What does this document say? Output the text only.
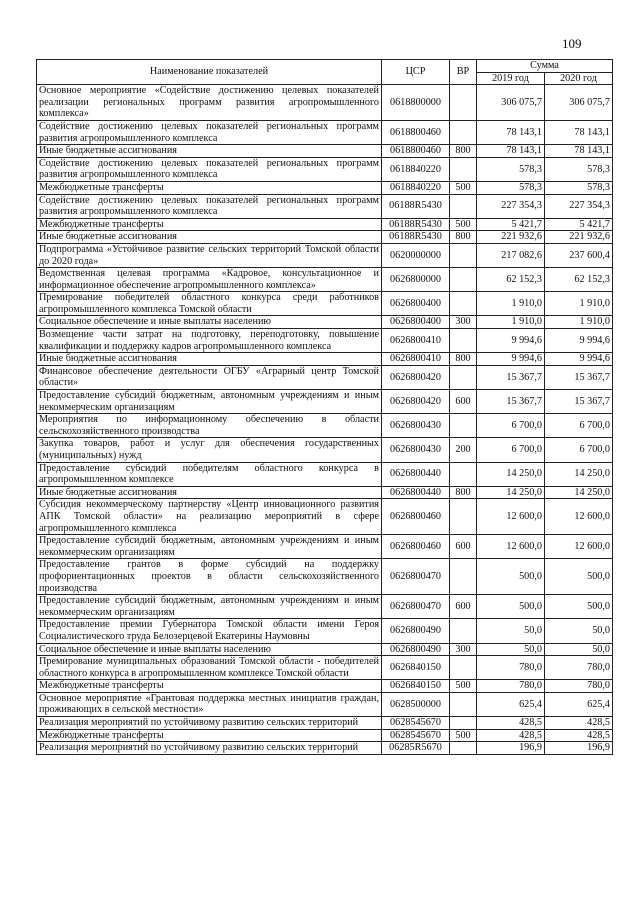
109
Наименование показателей	ЦСР	ВР	Сумма	
			2019 год	2020 год
Основное мероприятие «Содействие достижению целевых показателей реализации региональных программ развития агропромышленного комплекса»	0618800000		306 075,7	306 075,7
Содействие достижению целевых показателей региональных программ развития агропромышленного комплекса	0618800460		78 143,1	78 143,1
Иные бюджетные ассигнования	0618800460	800	78 143,1	78 143,1
Содействие достижению целевых показателей региональных программ развития агропромышленного комплекса	0618840220		578,3	578,3
Межбюджетные трансферты	0618840220	500	578,3	578,3
Содействие достижению целевых показателей региональных программ развития агропромышленного комплекса	06188R5430		227 354,3	227 354,3
Межбюджетные трансферты	06188R5430	500	5 421,7	5 421,7
Иные бюджетные ассигнования	06188R5430	800	221 932,6	221 932,6
Подпрограмма «Устойчивое развитие сельских территорий Томской области до 2020 года»	0620000000		217 082,6	237 600,4
Ведомственная целевая программа «Кадровое, консультационное и информационное обеспечение агропромышленного комплекса»	0626800000		62 152,3	62 152,3
Премирование победителей областного конкурса среди работников агропромышленного комплекса Томской области	0626800400		1 910,0	1 910,0
Социальное обеспечение и иные выплаты населению	0626800400	300	1 910,0	1 910,0
Возмещение части затрат на подготовку, переподготовку, повышение квалификации и поддержку кадров агропромышленного комплекса	0626800410		9 994,6	9 994,6
Иные бюджетные ассигнования	0626800410	800	9 994,6	9 994,6
Финансовое обеспечение деятельности ОГБУ «Аграрный центр Томской области»	0626800420		15 367,7	15 367,7
Предоставление субсидий бюджетным, автономным учреждениям и иным некоммерческим организациям	0626800420	600	15 367,7	15 367,7
Мероприятия по информационному обеспечению в области сельскохозяйственного производства	0626800430		6 700,0	6 700,0
Закупка товаров, работ и услуг для обеспечения государственных (муниципальных) нужд	0626800430	200	6 700,0	6 700,0
Предоставление субсидий победителям областного конкурса в агропромышленном комплексе	0626800440		14 250,0	14 250,0
Иные бюджетные ассигнования	0626800440	800	14 250,0	14 250,0
Субсидия некоммерческому партнерству «Центр инновационного развития АПК Томской области» на реализацию мероприятий в сфере агропромышленного комплекса	0626800460		12 600,0	12 600,0
Предоставление субсидий бюджетным, автономным учреждениям и иным некоммерческим организациям	0626800460	600	12 600,0	12 600,0
Предоставление грантов в форме субсидий на поддержку профориентационных проектов в области сельскохозяйственного производства	0626800470		500,0	500,0
Предоставление субсидий бюджетным, автономным учреждениям и иным некоммерческим организациям	0626800470	600	500,0	500,0
Предоставление премии Губернатора Томской области имени Героя Социалистического труда Белозерцевой Екатерины Наумовны	0626800490		50,0	50,0
Социальное обеспечение и иные выплаты населению	0626800490	300	50,0	50,0
Премирование муниципальных образований Томской области - победителей областного конкурса в агропромышленном комплексе Томской области	0626840150		780,0	780,0
Межбюджетные трансферты	0626840150	500	780,0	780,0
Основное мероприятие «Грантовая поддержка местных инициатив граждан, проживающих в сельской местности»	0628500000		625,4	625,4
Реализация мероприятий по устойчивому развитию сельских территорий	0628545670		428,5	428,5
Межбюджетные трансферты	0628545670	500	428,5	428,5
Реализация мероприятий по устойчивому развитию сельских территорий	06285R5670		196,9	196,9
